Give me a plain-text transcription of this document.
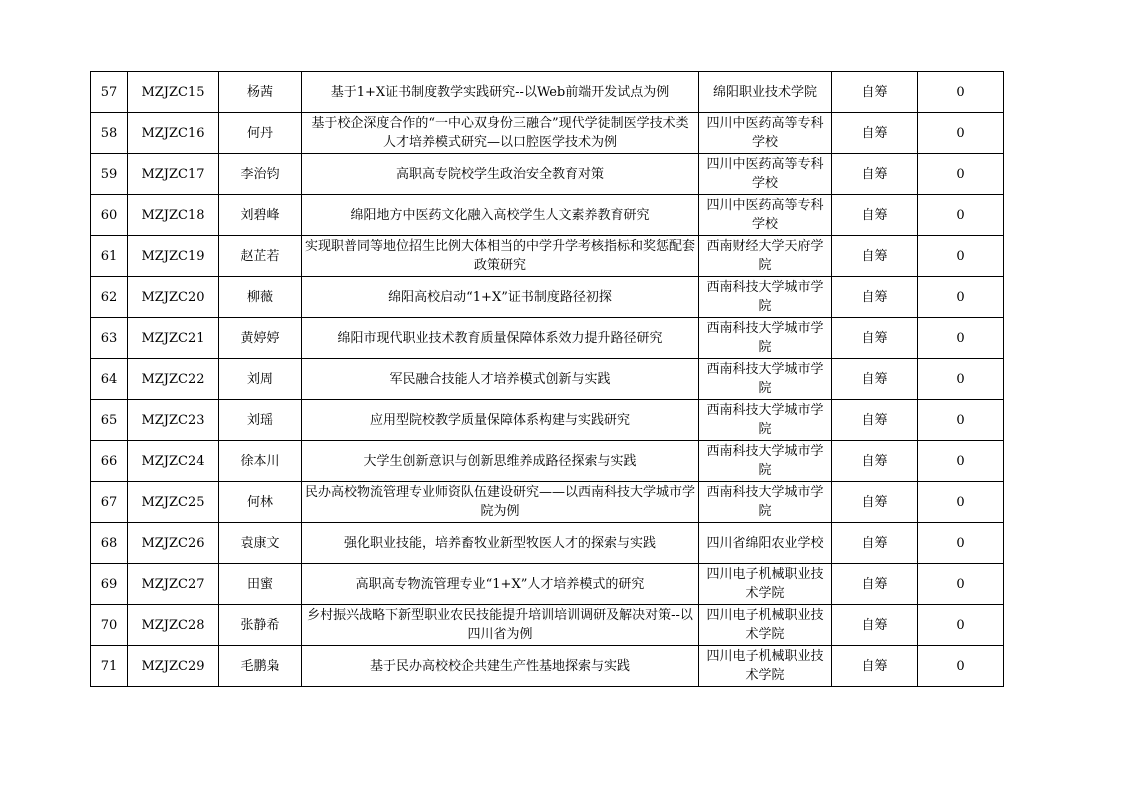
57	MZJZC15	杨茜	基于1+X证书制度教学实践研究--以Web前端开发试点为例	绵阳职业技术学院	自筹	0
58	MZJZC16	何丹	基于校企深度合作的“一中心双身份三融合”现代学徒制医学技术类人才培养模式研究—以口腔医学技术为例	四川中医药高等专科学校	自筹	0
59	MZJZC17	李治钧	高职高专院校学生政治安全教育对策	四川中医药高等专科学校	自筹	0
60	MZJZC18	刘碧峰	绵阳地方中医药文化融入高校学生人文素养教育研究	四川中医药高等专科学校	自筹	0
61	MZJZC19	赵芷若	实现职普同等地位招生比例大体相当的中学升学考核指标和奖惩配套政策研究	西南财经大学天府学院	自筹	0
62	MZJZC20	柳薇	绵阳高校启动“1+X”证书制度路径初探	西南科技大学城市学院	自筹	0
63	MZJZC21	黄婷婷	绵阳市现代职业技术教育质量保障体系效力提升路径研究	西南科技大学城市学院	自筹	0
64	MZJZC22	刘周	军民融合技能人才培养模式创新与实践	西南科技大学城市学院	自筹	0
65	MZJZC23	刘瑶	应用型院校教学质量保障体系构建与实践研究	西南科技大学城市学院	自筹	0
66	MZJZC24	徐本川	大学生创新意识与创新思维养成路径探索与实践	西南科技大学城市学院	自筹	0
67	MZJZC25	何林	民办高校物流管理专业师资队伍建设研究——以西南科技大学城市学院为例	西南科技大学城市学院	自筹	0
68	MZJZC26	袁康文	强化职业技能，培养畜牧业新型牧医人才的探索与实践	四川省绵阳农业学校	自筹	0
69	MZJZC27	田蜜	高职高专物流管理专业“1+X”人才培养模式的研究	四川电子机械职业技术学院	自筹	0
70	MZJZC28	张静希	乡村振兴战略下新型职业农民技能提升培训培训调研及解决对策--以四川省为例	四川电子机械职业技术学院	自筹	0
71	MZJZC29	毛鹏枭	基于民办高校校企共建生产性基地探索与实践	四川电子机械职业技术学院	自筹	0
